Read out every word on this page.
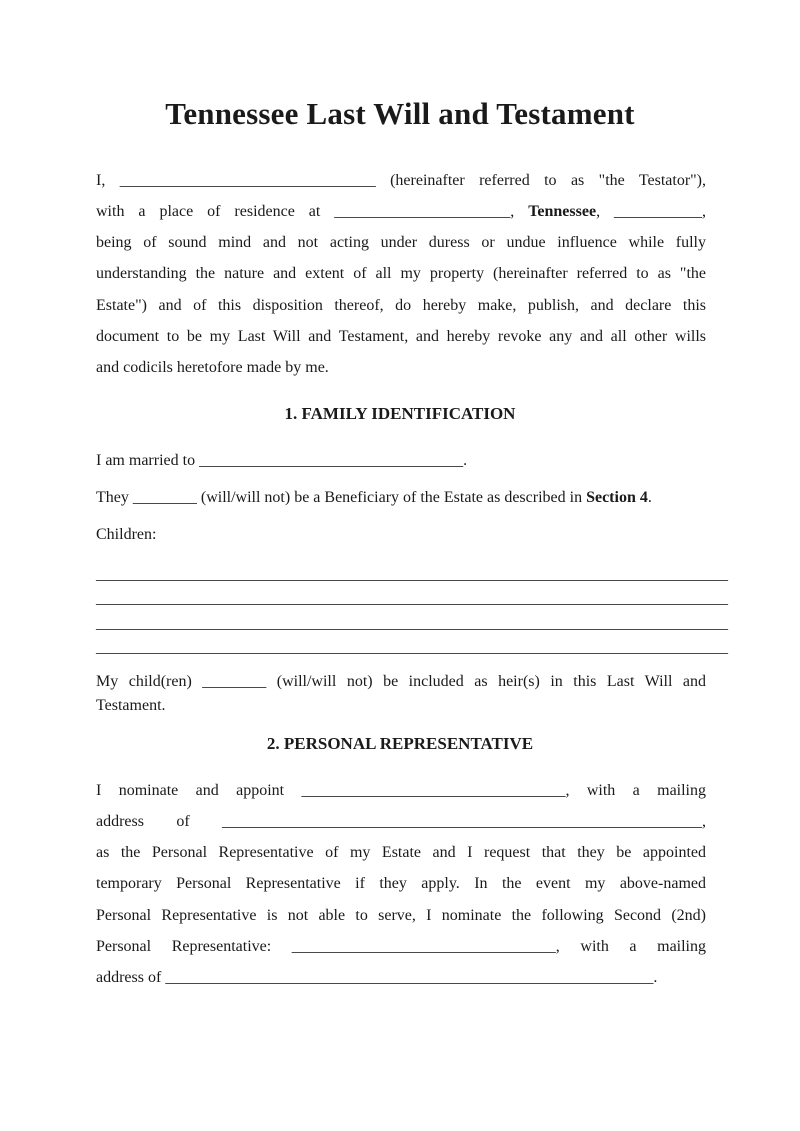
Tennessee Last Will and Testament
I, ________________________________ (hereinafter referred to as "the Testator"),
with a place of residence at ______________________, Tennessee, ___________,
being of sound mind and not acting under duress or undue influence while fully
understanding the nature and extent of all my property (hereinafter referred to as "the
Estate") and of this disposition thereof, do hereby make, publish, and declare this
document to be my Last Will and Testament, and hereby revoke any and all other wills
and codicils heretofore made by me.
1. FAMILY IDENTIFICATION
I am married to _________________________________.
They ________ (will/will not) be a Beneficiary of the Estate as described in Section 4.
Children:
_______________________________________________________________________________
_______________________________________________________________________________
_______________________________________________________________________________
_______________________________________________________________________________
My child(ren) ________ (will/will not) be included as heir(s) in this Last Will and
Testament.
2. PERSONAL REPRESENTATIVE
I nominate and appoint _________________________________, with a mailing
address of ____________________________________________________________,
as the Personal Representative of my Estate and I request that they be appointed
temporary Personal Representative if they apply. In the event my above-named
Personal Representative is not able to serve, I nominate the following Second (2nd)
Personal Representative: _________________________________, with a mailing
address of _____________________________________________________________.
